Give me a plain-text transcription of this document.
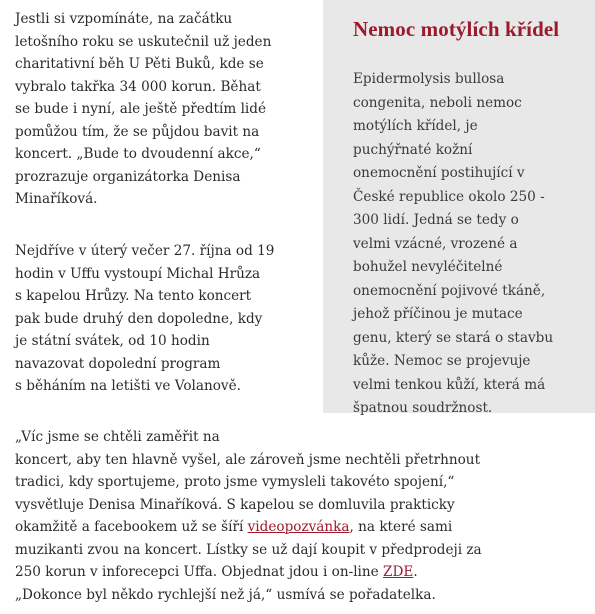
Jestli si vzpomínáte, na začátku
letošního roku se uskutečnil už jeden
charitativní běh U Pěti Buků, kde se
vybralo takřka 34 000 korun. Běhat
se bude i nyní, ale ještě předtím lidé
pomůžou tím, že se půjdou bavit na
koncert. „Bude to dvoudenní akce,“
prozrazuje organizátorka Denisa
Minaříková.
Nejdříve v úterý večer 27. října od 19
hodin v Uffu vystoupí Michal Hrůza
s kapelou Hrůzy. Na tento koncert
pak bude druhý den dopoledne, kdy
je státní svátek, od 10 hodin
navazovat dopolední program
s běháním na letišti ve Volanově.
Nemoc motýlích křídel
Epidermolysis bullosa
congenita, neboli nemoc
motýlích křídel, je
puchýřnaté kožní
onemocnění postihující v
České republice okolo 250 -
300 lidí. Jedná se tedy o
velmi vzácné, vrozené a
bohužel nevyléčitelné
onemocnění pojivové tkáně,
jehož příčinou je mutace
genu, který se stará o stavbu
kůže. Nemoc se projevuje
velmi tenkou kůží, která má
špatnou soudržnost.
„Víc jsme se chtěli zaměřit na
koncert, aby ten hlavně vyšel, ale zároveň jsme nechtěli přetrhnout
tradici, kdy sportujeme, proto jsme vymysleli takovéto spojení,“
vysvětluje Denisa Minaříková. S kapelou se domluvila prakticky
okamžitě a facebookem už se šíří videopozvánka, na které sami
muzikanti zvou na koncert. Lístky se už dají koupit v předprodeji za
250 korun v inforecepci Uffa. Objednat jdou i on-line ZDE.
„Dokonce byl někdo rychlejší než já,“ usmívá se pořadatelka.
